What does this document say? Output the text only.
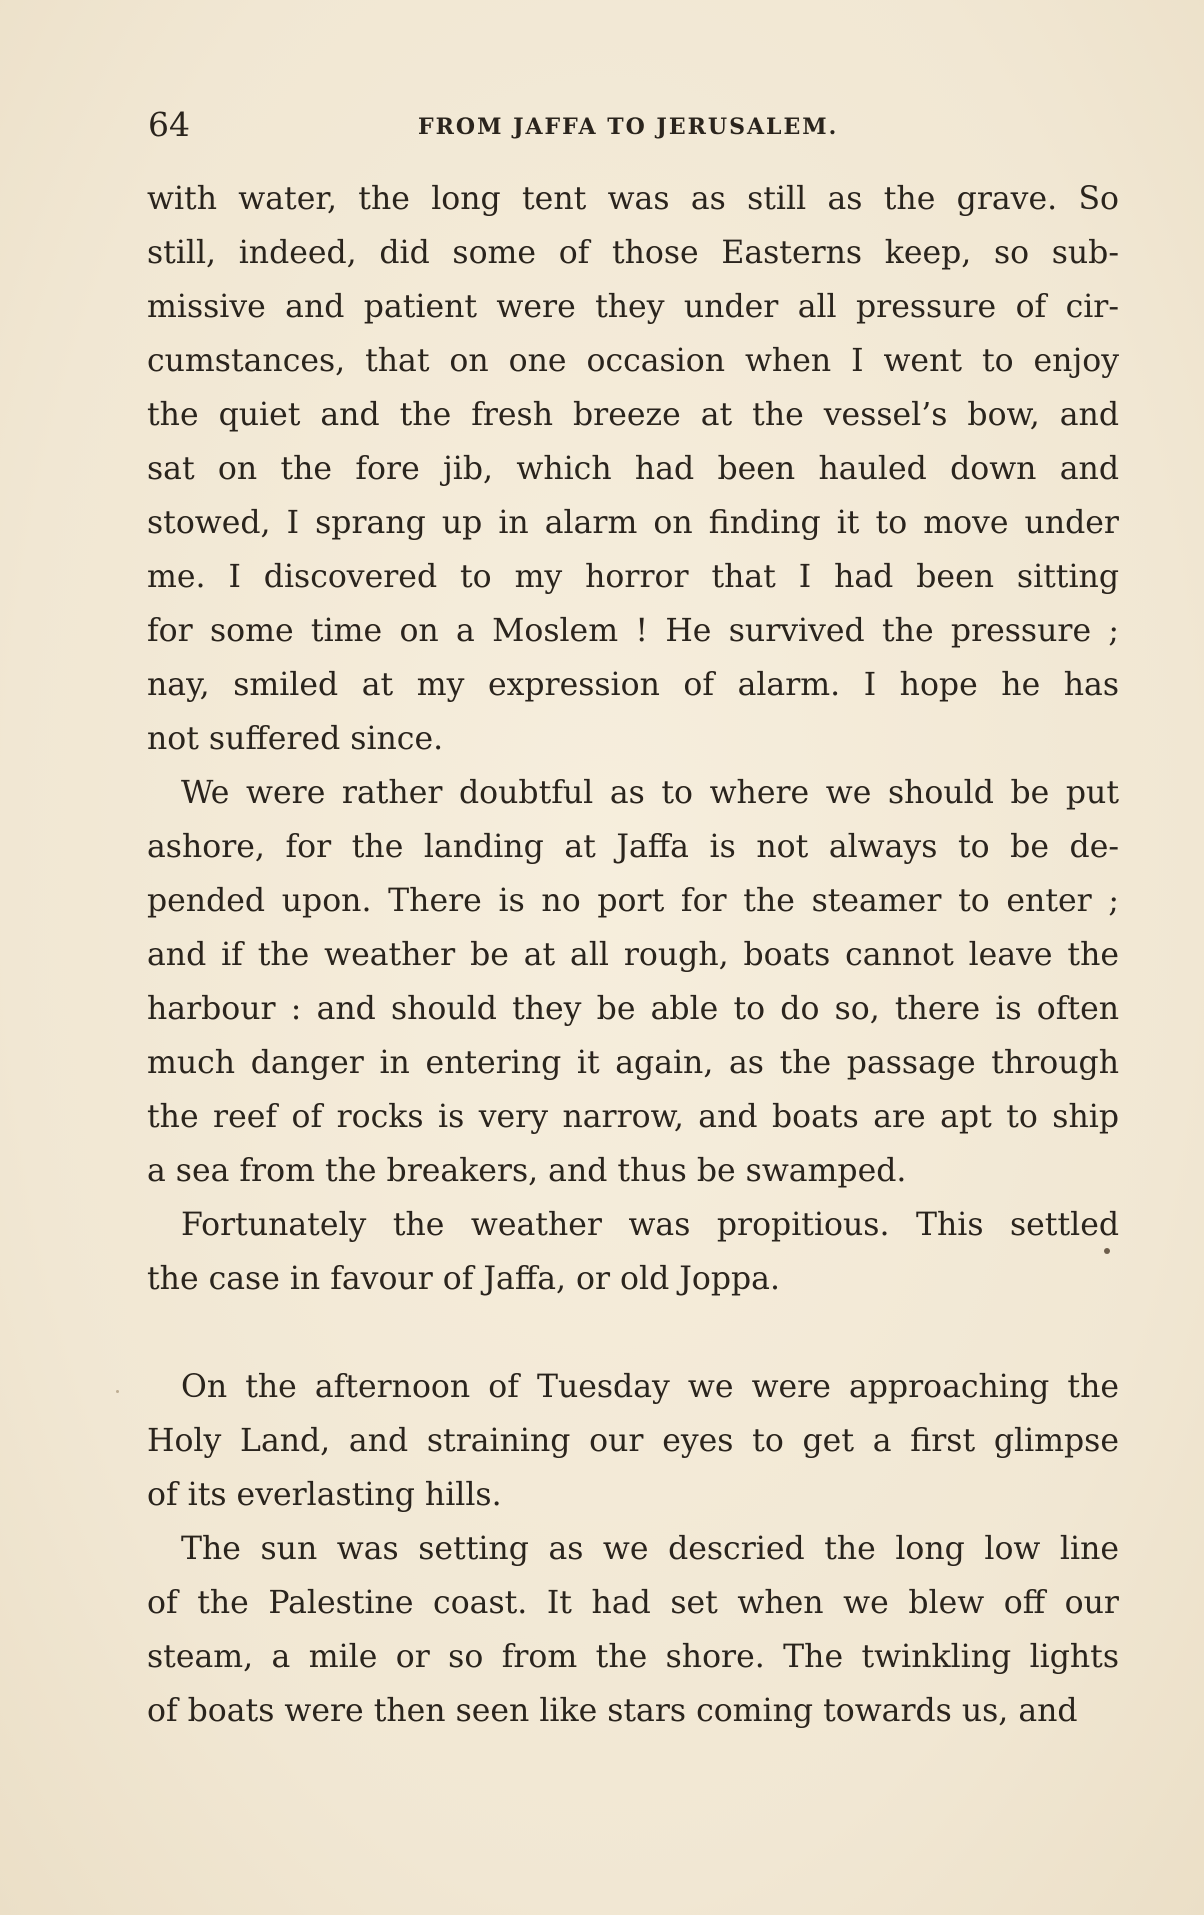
64	FROM JAFFA TO JERUSALEM.
with water, the long tent was as still as the grave. So
still, indeed, did some of those Easterns keep, so sub-
missive and patient were they under all pressure of cir-
cumstances, that on one occasion when I went to enjoy
the quiet and the fresh breeze at the vessel’s bow, and
sat on the fore jib, which had been hauled down and
stowed, I sprang up in alarm on finding it to move under
me. I discovered to my horror that I had been sitting
for some time on a Moslem ! He survived the pressure ;
nay, smiled at my expression of alarm. I hope he has
not suffered since.
We were rather doubtful as to where we should be put
ashore, for the landing at Jaffa is not always to be de-
pended upon. There is no port for the steamer to enter ;
and if the weather be at all rough, boats cannot leave the
harbour : and should they be able to do so, there is often
much danger in entering it again, as the passage through
the reef of rocks is very narrow, and boats are apt to ship
a sea from the breakers, and thus be swamped.
Fortunately the weather was propitious. This settled
the case in favour of Jaffa, or old Joppa.
On the afternoon of Tuesday we were approaching the
Holy Land, and straining our eyes to get a first glimpse
of its everlasting hills.
The sun was setting as we descried the long low line
of the Palestine coast. It had set when we blew off our
steam, a mile or so from the shore. The twinkling lights
of boats were then seen like stars coming towards us, and
